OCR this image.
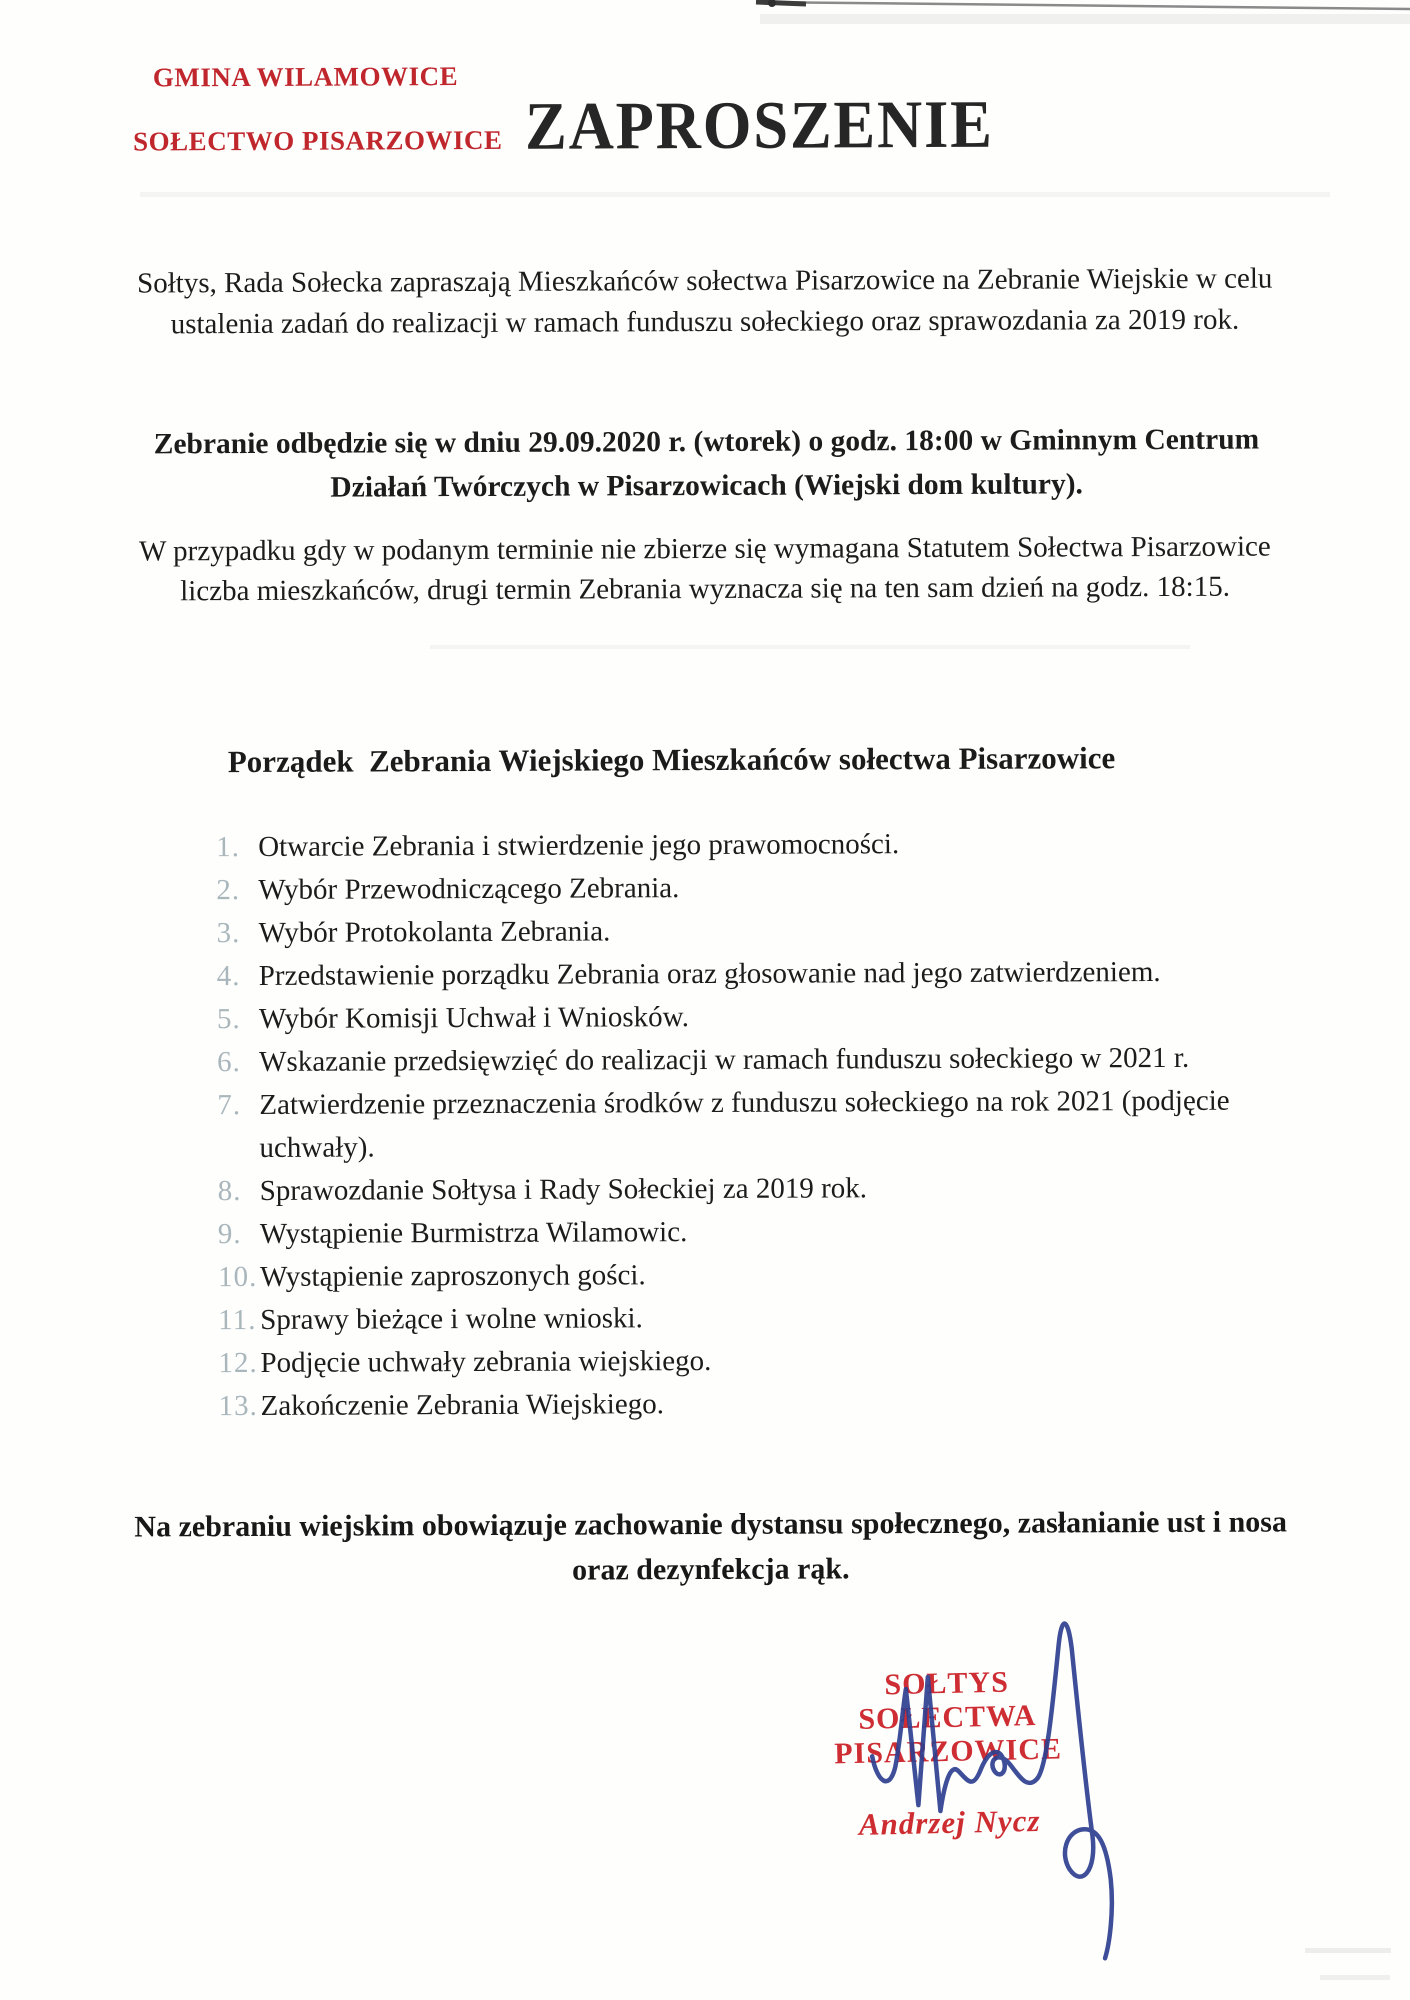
GMINA WILAMOWICE
SOŁECTWO PISARZOWICE ZAPROSZENIE

Sołtys, Rada Sołecka zapraszają Mieszkańców sołectwa Pisarzowice na Zebranie Wiejskie w celu ustalenia zadań do realizacji w ramach funduszu sołeckiego oraz sprawozdania za 2019 rok.

Zebranie odbędzie się w dniu 29.09.2020 r. (wtorek) o godz. 18:00 w Gminnym Centrum Działań Twórczych w Pisarzowicach (Wiejski dom kultury).

W przypadku gdy w podanym terminie nie zbierze się wymagana Statutem Sołectwa Pisarzowice liczba mieszkańców, drugi termin Zebrania wyznacza się na ten sam dzień na godz. 18:15.

Porządek  Zebrania Wiejskiego Mieszkańców sołectwa Pisarzowice
1. Otwarcie Zebrania i stwierdzenie jego prawomocności.
2. Wybór Przewodniczącego Zebrania.
3. Wybór Protokolanta Zebrania.
4. Przedstawienie porządku Zebrania oraz głosowanie nad jego zatwierdzeniem.
5. Wybór Komisji Uchwał i Wniosków.
6. Wskazanie przedsięwzięć do realizacji w ramach funduszu sołeckiego w 2021 r.
7. Zatwierdzenie przeznaczenia środków z funduszu sołeckiego na rok 2021 (podjęcie uchwały).
8. Sprawozdanie Sołtysa i Rady Sołeckiej za 2019 rok.
9. Wystąpienie Burmistrza Wilamowic.
10. Wystąpienie zaproszonych gości.
11. Sprawy bieżące i wolne wnioski.
12. Podjęcie uchwały zebrania wiejskiego.
13. Zakończenie Zebrania Wiejskiego.

Na zebraniu wiejskim obowiązuje zachowanie dystansu społecznego, zasłanianie ust i nosa oraz dezynfekcja rąk.

SOŁTYS SOŁECTWA
PISARZOWICE
Andrzej Nycz
